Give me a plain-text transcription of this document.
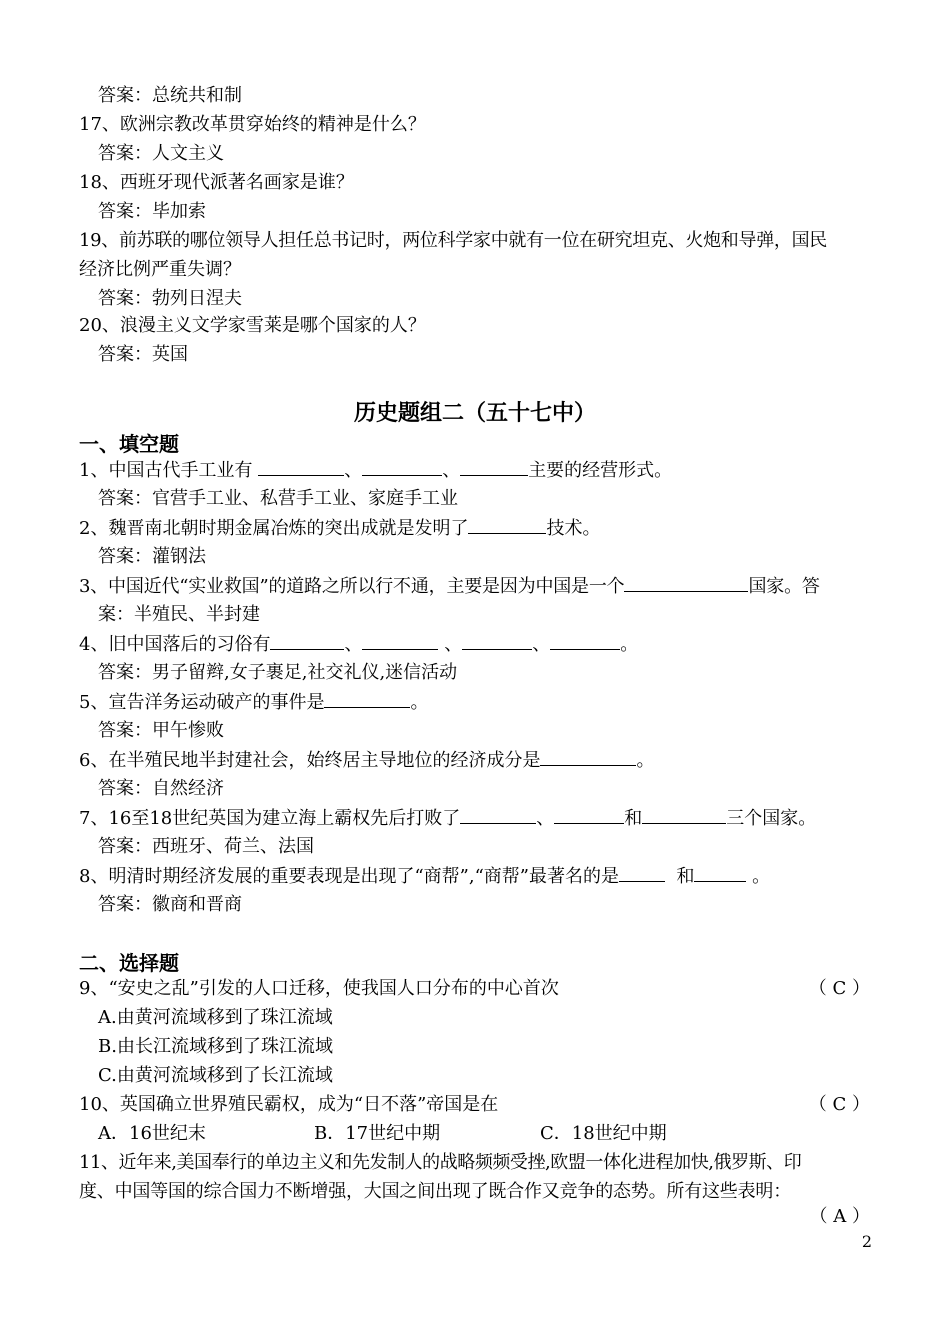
答案：总统共和制
17、欧洲宗教改革贯穿始终的精神是什么？
答案：人文主义
18、西班牙现代派著名画家是谁？
答案：毕加索
19、前苏联的哪位领导人担任总书记时，两位科学家中就有一位在研究坦克、火炮和导弹，国民
经济比例严重失调？
答案：勃列日涅夫
20、浪漫主义文学家雪莱是哪个国家的人？
答案：英国
历史题组二（五十七中）
一、填空题
1、中国古代手工业有	、	、	主要的经营形式。
答案：官营手工业、私营手工业、家庭手工业
2、魏晋南北朝时期金属冶炼的突出成就是发明了	技术。
答案：灌钢法
3、中国近代“实业救国”的道路之所以行不通，主要是因为中国是一个	国家。答
案：半殖民、半封建
4、旧中国落后的习俗有	、	、	、	。
答案：男子留辫,女子裹足,社交礼仪,迷信活动
5、宣告洋务运动破产的事件是	。
答案：甲午惨败
6、在半殖民地半封建社会，始终居主导地位的经济成分是	。
答案：自然经济
7、16至18世纪英国为建立海上霸权先后打败了	、	和	三个国家。
答案：西班牙、荷兰、法国
8、明清时期经济发展的重要表现是出现了“商帮”,“商帮”最著名的是	和	。
答案：徽商和晋商
二、选择题
9、“安史之乱”引发的人口迁移，使我国人口分布的中心首次	（ C ）
A.由黄河流域移到了珠江流域
B.由长江流域移到了珠江流域
C.由黄河流域移到了长江流域
10、英国确立世界殖民霸权，成为“日不落”帝国是在	（ C ）
A．16世纪末	B．17世纪中期	C．18世纪中期
11、近年来,美国奉行的单边主义和先发制人的战略频频受挫,欧盟一体化进程加快,俄罗斯、印
度、中国等国的综合国力不断增强，大国之间出现了既合作又竞争的态势。所有这些表明：
（ A ）
2
